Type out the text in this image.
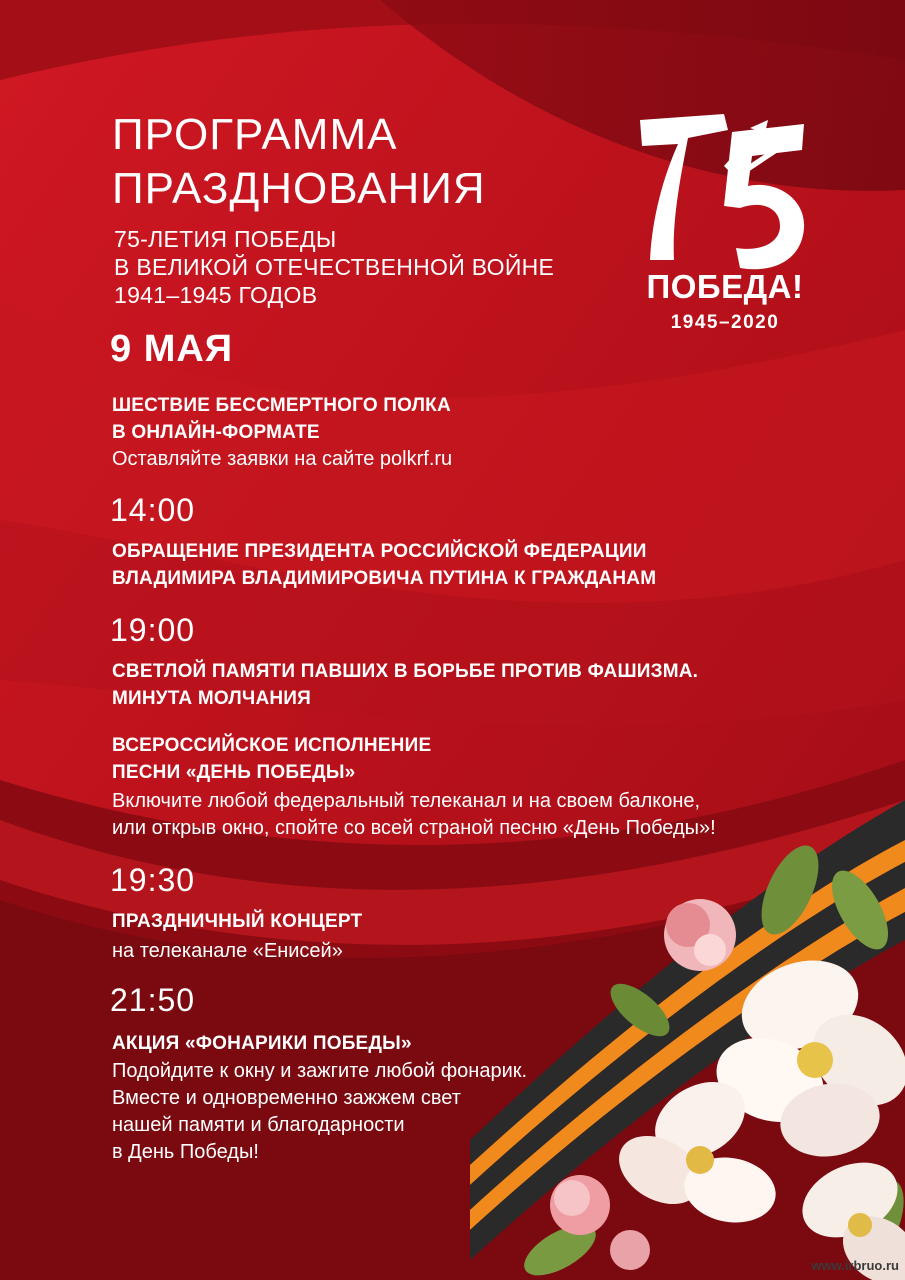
ПРОГРАММА
ПРАЗДНОВАНИЯ
75-ЛЕТИЯ ПОБЕДЫ
В ВЕЛИКОЙ ОТЕЧЕСТВЕННОЙ ВОЙНЕ
1941–1945 ГОДОВ	ПОБЕДА!
1945–2020
9 МАЯ
ШЕСТВИЕ БЕССМЕРТНОГО ПОЛКА
В ОНЛАЙН-ФОРМАТЕ
Оставляйте заявки на сайте polkrf.ru
14:00
ОБРАЩЕНИЕ ПРЕЗИДЕНТА РОССИЙСКОЙ ФЕДЕРАЦИИ
ВЛАДИМИРА ВЛАДИМИРОВИЧА ПУТИНА К ГРАЖДАНАМ
19:00
СВЕТЛОЙ ПАМЯТИ ПАВШИХ В БОРЬБЕ ПРОТИВ ФАШИЗМА.
МИНУТА МОЛЧАНИЯ
ВСЕРОССИЙСКОЕ ИСПОЛНЕНИЕ
ПЕСНИ «ДЕНЬ ПОБЕДЫ»
Включите любой федеральный телеканал и на своем балконе,
или открыв окно, спойте со всей страной песню «День Победы»!
19:30
ПРАЗДНИЧНЫЙ КОНЦЕРТ
на телеканале «Енисей»
21:50
АКЦИЯ «ФОНАРИКИ ПОБЕДЫ»
Подойдите к окну и зажгите любой фонарик.
Вместе и одновременно зажжем свет
нашей памяти и благодарности
в День Победы!
www.irbruo.ru
